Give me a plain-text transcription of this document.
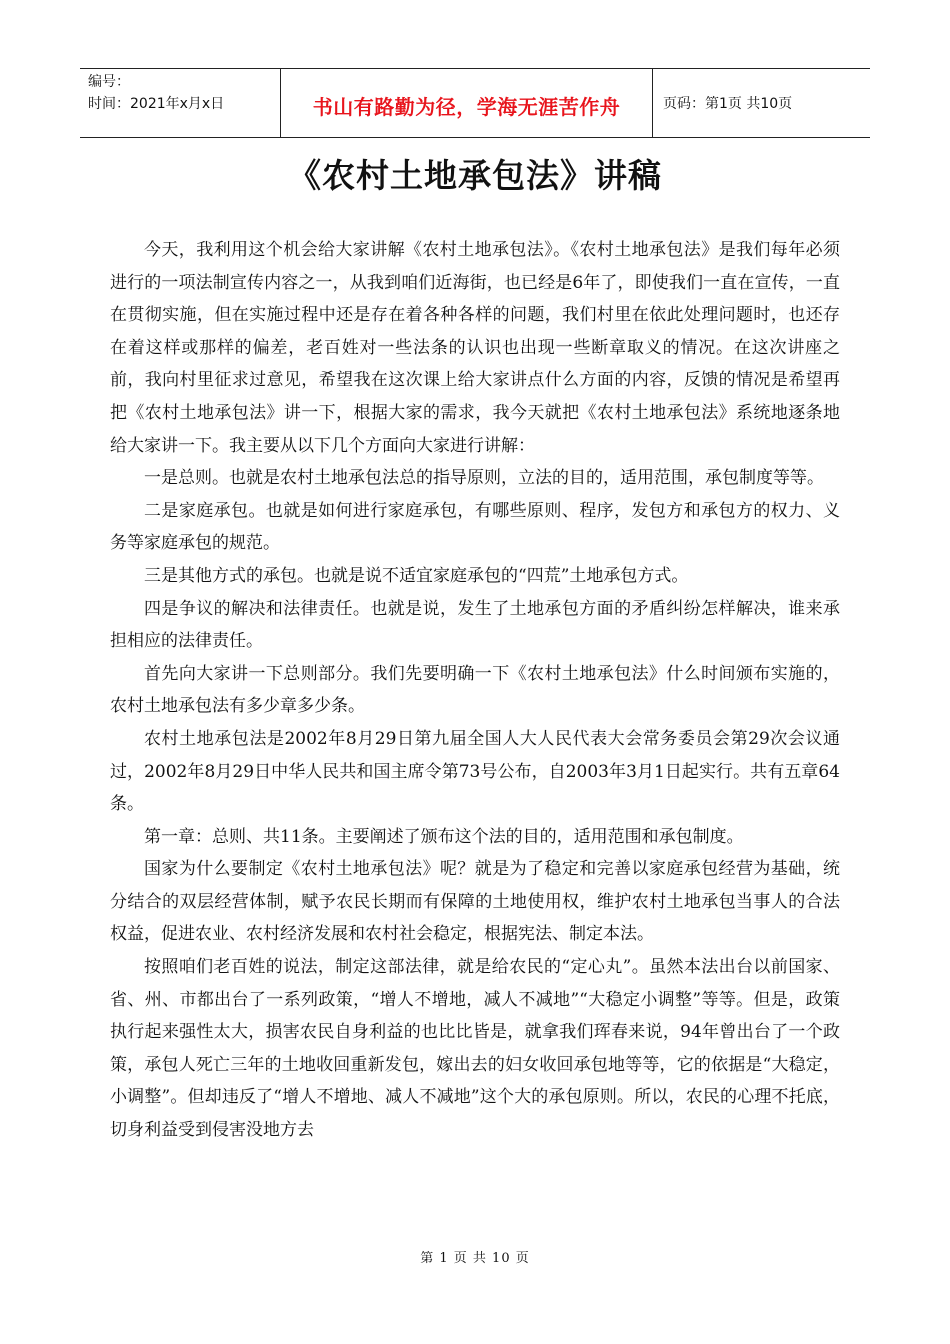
编号：
时间：2021年x月x日	书山有路勤为径，学海无涯苦作舟	页码：第1页 共10页
《农村土地承包法》讲稿

今天，我利用这个机会给大家讲解《农村土地承包法》。《农村土地承包法》是我们每年必须进行的一项法制宣传内容之一，从我到咱们近海街，也已经是6年了，即使我们一直在宣传，一直在贯彻实施，但在实施过程中还是存在着各种各样的问题，我们村里在依此处理问题时，也还存在着这样或那样的偏差，老百姓对一些法条的认识也出现一些断章取义的情况。在这次讲座之前，我向村里征求过意见，希望我在这次课上给大家讲点什么方面的内容，反馈的情况是希望再把《农村土地承包法》讲一下，根据大家的需求，我今天就把《农村土地承包法》系统地逐条地给大家讲一下。我主要从以下几个方面向大家进行讲解：

一是总则。也就是农村土地承包法总的指导原则，立法的目的，适用范围，承包制度等等。

二是家庭承包。也就是如何进行家庭承包，有哪些原则、程序，发包方和承包方的权力、义务等家庭承包的规范。

三是其他方式的承包。也就是说不适宜家庭承包的“四荒”土地承包方式。

四是争议的解决和法律责任。也就是说，发生了土地承包方面的矛盾纠纷怎样解决，谁来承担相应的法律责任。

首先向大家讲一下总则部分。我们先要明确一下《农村土地承包法》什么时间颁布实施的，农村土地承包法有多少章多少条。

农村土地承包法是2002年8月29日第九届全国人大人民代表大会常务委员会第29次会议通过，2002年8月29日中华人民共和国主席令第73号公布，自2003年3月1日起实行。共有五章64条。

第一章：总则、共11条。主要阐述了颁布这个法的目的，适用范围和承包制度。

国家为什么要制定《农村土地承包法》呢？就是为了稳定和完善以家庭承包经营为基础，统分结合的双层经营体制，赋予农民长期而有保障的土地使用权，维护农村土地承包当事人的合法权益，促进农业、农村经济发展和农村社会稳定，根据宪法、制定本法。

按照咱们老百姓的说法，制定这部法律，就是给农民的“定心丸”。虽然本法出台以前国家、省、州、市都出台了一系列政策，“增人不增地，减人不减地”“大稳定小调整”等等。但是，政策执行起来强性太大，损害农民自身利益的也比比皆是，就拿我们珲春来说，94年曾出台了一个政策，承包人死亡三年的土地收回重新发包，嫁出去的妇女收回承包地等等，它的依据是“大稳定，小调整”。但却违反了“增人不增地、减人不减地”这个大的承包原则。所以，农民的心理不托底，切身利益受到侵害没地方去

第 1 页 共 10 页
